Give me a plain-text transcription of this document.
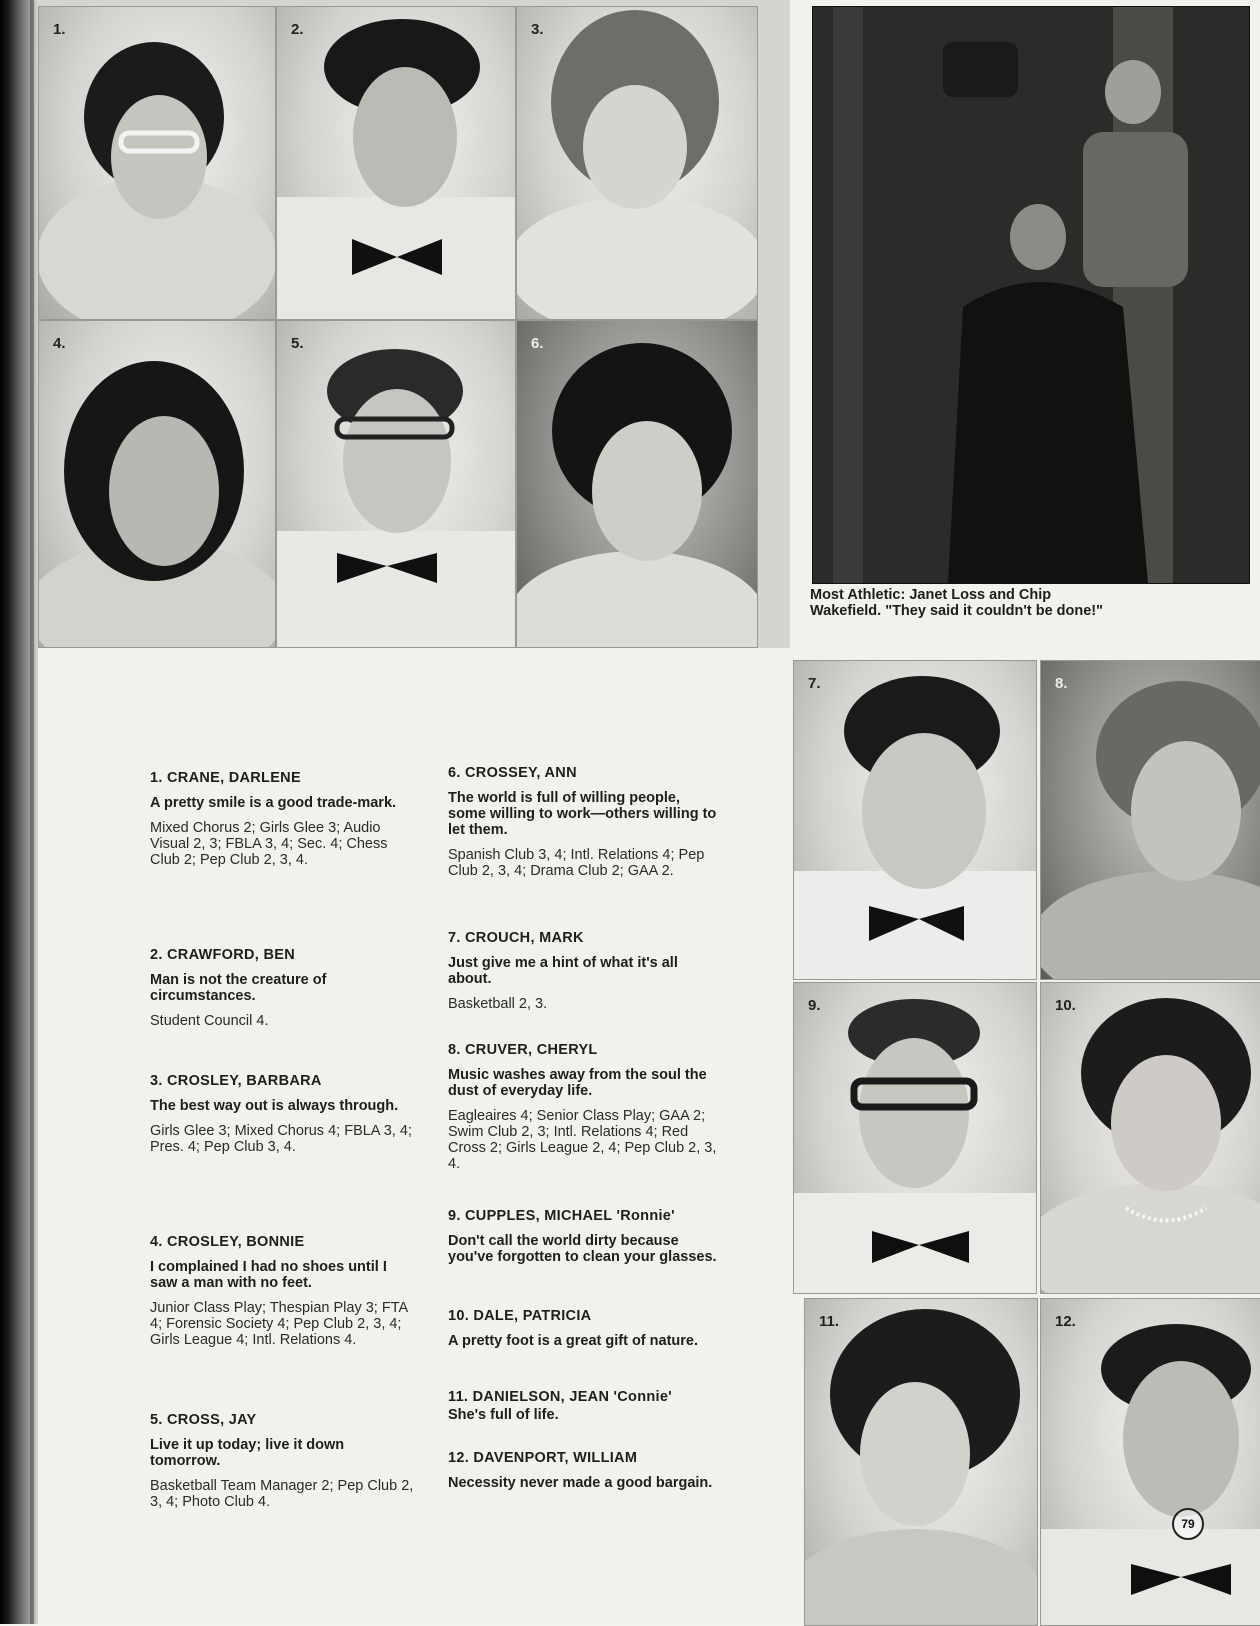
1.	2.	3.
4.	5.	6.
Most Athletic: Janet Loss and Chip Wakefield. "They said it couldn't be done!"
7.	8.
9.	10.
11.	12.
1. CRANE, DARLENE
A pretty smile is a good trade-mark.
Mixed Chorus 2; Girls Glee 3; Audio Visual 2, 3; FBLA 3, 4; Sec. 4; Chess Club 2; Pep Club 2, 3, 4.
2. CRAWFORD, BEN
Man is not the creature of circumstances.
Student Council 4.
3. CROSLEY, BARBARA
The best way out is always through.
Girls Glee 3; Mixed Chorus 4; FBLA 3, 4; Pres. 4; Pep Club 3, 4.
4. CROSLEY, BONNIE
I complained I had no shoes until I saw a man with no feet.
Junior Class Play; Thespian Play 3; FTA 4; Forensic Society 4; Pep Club 2, 3, 4; Girls League 4; Intl. Relations 4.
5. CROSS, JAY
Live it up today; live it down tomorrow.
Basketball Team Manager 2; Pep Club 2, 3, 4; Photo Club 4.
6. CROSSEY, ANN
The world is full of willing people, some willing to work—others willing to let them.
Spanish Club 3, 4; Intl. Relations 4; Pep Club 2, 3, 4; Drama Club 2; GAA 2.
7. CROUCH, MARK
Just give me a hint of what it's all about.
Basketball 2, 3.
8. CRUVER, CHERYL
Music washes away from the soul the dust of everyday life.
Eagleaires 4; Senior Class Play; GAA 2; Swim Club 2, 3; Intl. Relations 4; Red Cross 2; Girls League 2, 4; Pep Club 2, 3, 4.
9. CUPPLES, MICHAEL 'Ronnie'
Don't call the world dirty because you've forgotten to clean your glasses.
10. DALE, PATRICIA
A pretty foot is a great gift of nature.
11. DANIELSON, JEAN 'Connie'
She's full of life.
12. DAVENPORT, WILLIAM
Necessity never made a good bargain.
79
